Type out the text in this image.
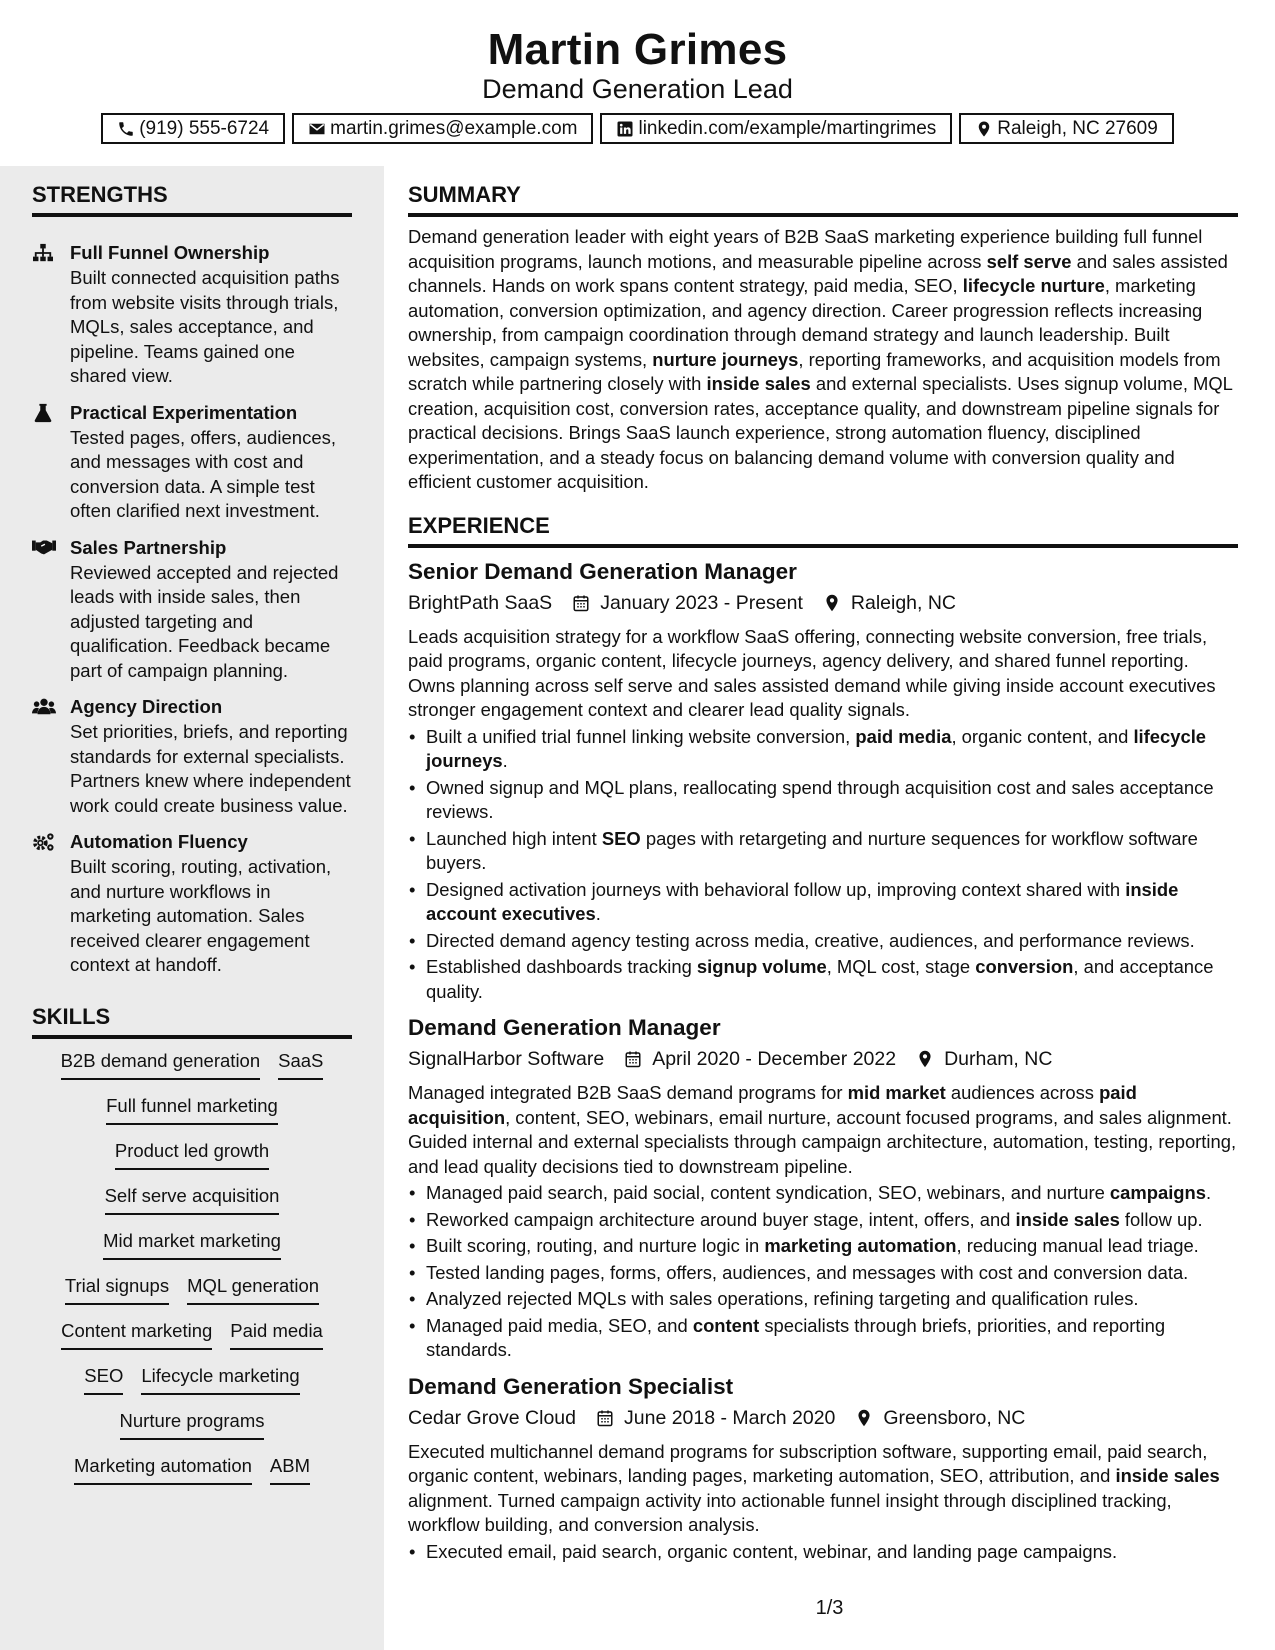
Martin Grimes
Demand Generation Lead
(919) 555-6724	martin.grimes@example.com	linkedin.com/example/martingrimes	Raleigh, NC 27609
STRENGTHS
Full Funnel Ownership
Built connected acquisition paths from website visits through trials, MQLs, sales acceptance, and pipeline. Teams gained one shared view.
Practical Experimentation
Tested pages, offers, audiences, and messages with cost and conversion data. A simple test often clarified next investment.
Sales Partnership
Reviewed accepted and rejected leads with inside sales, then adjusted targeting and qualification. Feedback became part of campaign planning.
Agency Direction
Set priorities, briefs, and reporting standards for external specialists. Partners knew where independent work could create business value.
Automation Fluency
Built scoring, routing, activation, and nurture workflows in marketing automation. Sales received clearer engagement context at handoff.
SKILLS
B2B demand generation SaaS
Full funnel marketing
Product led growth
Self serve acquisition
Mid market marketing
Trial signups MQL generation
Content marketing Paid media
SEO Lifecycle marketing
Nurture programs
Marketing automation ABM
SUMMARY
Demand generation leader with eight years of B2B SaaS marketing experience building full funnel acquisition programs, launch motions, and measurable pipeline across self serve and sales assisted channels. Hands on work spans content strategy, paid media, SEO, lifecycle nurture, marketing automation, conversion optimization, and agency direction. Career progression reflects increasing ownership, from campaign coordination through demand strategy and launch leadership. Built websites, campaign systems, nurture journeys, reporting frameworks, and acquisition models from scratch while partnering closely with inside sales and external specialists. Uses signup volume, MQL creation, acquisition cost, conversion rates, acceptance quality, and downstream pipeline signals for practical decisions. Brings SaaS launch experience, strong automation fluency, disciplined experimentation, and a steady focus on balancing demand volume with conversion quality and efficient customer acquisition.
EXPERIENCE
Senior Demand Generation Manager
BrightPath SaaS January 2023 - Present Raleigh, NC
Leads acquisition strategy for a workflow SaaS offering, connecting website conversion, free trials, paid programs, organic content, lifecycle journeys, agency delivery, and shared funnel reporting. Owns planning across self serve and sales assisted demand while giving inside account executives stronger engagement context and clearer lead quality signals.
• Built a unified trial funnel linking website conversion, paid media, organic content, and lifecycle journeys.
• Owned signup and MQL plans, reallocating spend through acquisition cost and sales acceptance reviews.
• Launched high intent SEO pages with retargeting and nurture sequences for workflow software buyers.
• Designed activation journeys with behavioral follow up, improving context shared with inside account executives.
• Directed demand agency testing across media, creative, audiences, and performance reviews.
• Established dashboards tracking signup volume, MQL cost, stage conversion, and acceptance quality.
Demand Generation Manager
SignalHarbor Software April 2020 - December 2022 Durham, NC
Managed integrated B2B SaaS demand programs for mid market audiences across paid acquisition, content, SEO, webinars, email nurture, account focused programs, and sales alignment. Guided internal and external specialists through campaign architecture, automation, testing, reporting, and lead quality decisions tied to downstream pipeline.
• Managed paid search, paid social, content syndication, SEO, webinars, and nurture campaigns.
• Reworked campaign architecture around buyer stage, intent, offers, and inside sales follow up.
• Built scoring, routing, and nurture logic in marketing automation, reducing manual lead triage.
• Tested landing pages, forms, offers, audiences, and messages with cost and conversion data.
• Analyzed rejected MQLs with sales operations, refining targeting and qualification rules.
• Managed paid media, SEO, and content specialists through briefs, priorities, and reporting standards.
Demand Generation Specialist
Cedar Grove Cloud June 2018 - March 2020 Greensboro, NC
Executed multichannel demand programs for subscription software, supporting email, paid search, organic content, webinars, landing pages, marketing automation, SEO, attribution, and inside sales alignment. Turned campaign activity into actionable funnel insight through disciplined tracking, workflow building, and conversion analysis.
• Executed email, paid search, organic content, webinar, and landing page campaigns.
1/3
